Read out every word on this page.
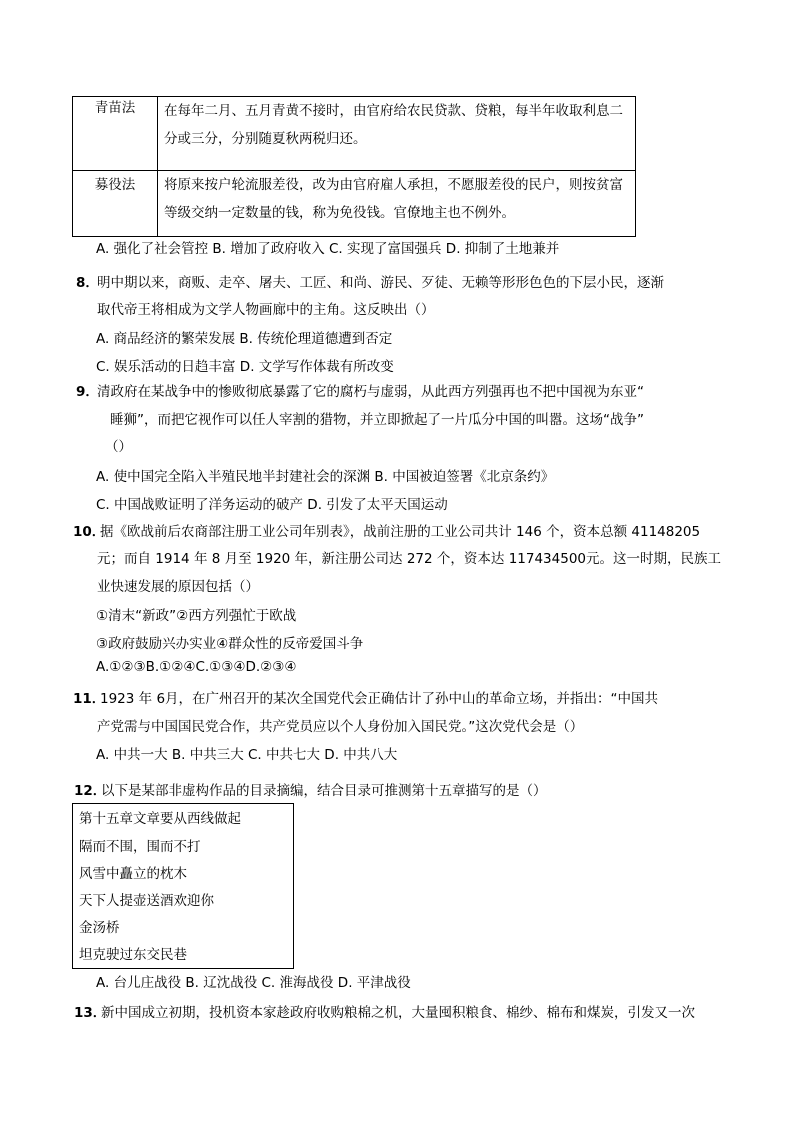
青苗法	在每年二月、五月青黄不接时，由官府给农民贷款、贷粮，每半年收取利息二分或三分，分别随夏秋两税归还。
募役法	将原来按户轮流服差役，改为由官府雇人承担，不愿服差役的民户，则按贫富等级交纳一定数量的钱，称为免役钱。官僚地主也不例外。
A. 强化了社会管控 B. 增加了政府收入 C. 实现了富国强兵 D. 抑制了土地兼并
8．
明中期以来，商贩、走卒、屠夫、工匠、和尚、游民、歹徒、无赖等形形色色的下层小民，逐渐
取代帝王将相成为文学人物画廊中的主角。这反映出（）
A. 商品经济的繁荣发展 B. 传统伦理道德遭到否定
C. 娱乐活动的日趋丰富 D. 文学写作体裁有所改变
9．
清政府在某战争中的惨败彻底暴露了它的腐朽与虚弱，从此西方列强再也不把中国视为东亚“
睡狮”，而把它视作可以任人宰割的猎物，并立即掀起了一片瓜分中国的叫嚣。这场“战争”
（）
A. 使中国完全陷入半殖民地半封建社会的深渊 B. 中国被迫签署《北京条约》
C. 中国战败证明了洋务运动的破产 D. 引发了太平天国运动
10．
据《欧战前后农商部注册工业公司年别表》，战前注册的工业公司共计 146 个，资本总额 41148205
元；而自 1914 年 8 月至 1920 年，新注册公司达 272 个，资本达 117434500元。这一时期，民族工
业快速发展的原因包括（）
①清末“新政”②西方列强忙于欧战
③政府鼓励兴办实业④群众性的反帝爱国斗争
A.①②③B.①②④C.①③④D.②③④
11．
1923 年 6月，在广州召开的某次全国党代会正确估计了孙中山的革命立场，并指出：“中国共
产党需与中国国民党合作，共产党员应以个人身份加入国民党。”这次党代会是（）
A. 中共一大 B. 中共三大 C. 中共七大 D. 中共八大
12．
以下是某部非虚构作品的目录摘编，结合目录可推测第十五章描写的是（）
第十五章文章要从西线做起
隔而不围，围而不打
风雪中矗立的枕木
天下人提壶送酒欢迎你
金汤桥
坦克驶过东交民巷
A. 台儿庄战役 B. 辽沈战役 C. 淮海战役 D. 平津战役
13．
新中国成立初期，投机资本家趁政府收购粮棉之机，大量囤积粮食、棉纱、棉布和煤炭，引发又一次
